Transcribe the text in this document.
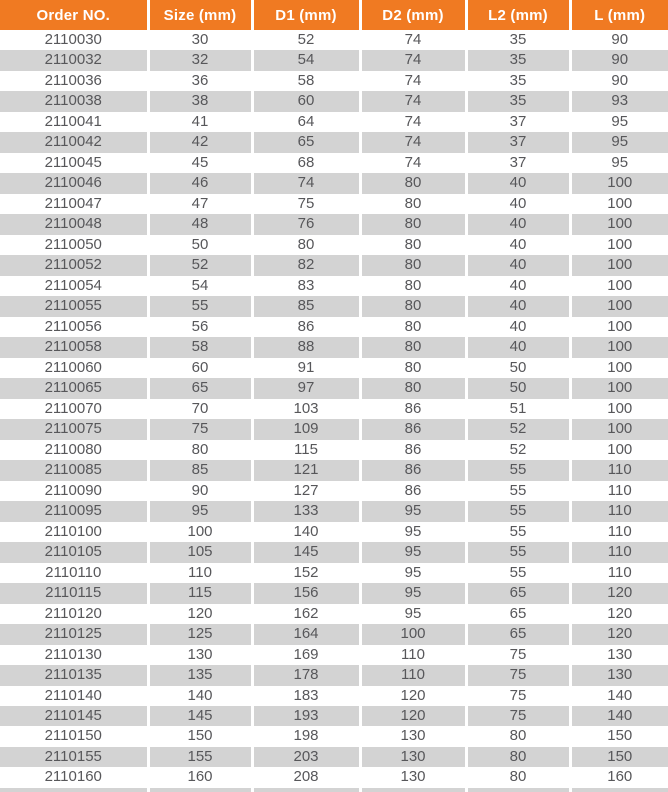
Order NO.	Size (mm)	D1 (mm)	D2 (mm)	L2 (mm)	L (mm)
2110030	30	52	74	35	90
2110032	32	54	74	35	90
2110036	36	58	74	35	90
2110038	38	60	74	35	93
2110041	41	64	74	37	95
2110042	42	65	74	37	95
2110045	45	68	74	37	95
2110046	46	74	80	40	100
2110047	47	75	80	40	100
2110048	48	76	80	40	100
2110050	50	80	80	40	100
2110052	52	82	80	40	100
2110054	54	83	80	40	100
2110055	55	85	80	40	100
2110056	56	86	80	40	100
2110058	58	88	80	40	100
2110060	60	91	80	50	100
2110065	65	97	80	50	100
2110070	70	103	86	51	100
2110075	75	109	86	52	100
2110080	80	115	86	52	100
2110085	85	121	86	55	110
2110090	90	127	86	55	110
2110095	95	133	95	55	110
2110100	100	140	95	55	110
2110105	105	145	95	55	110
2110110	110	152	95	55	110
2110115	115	156	95	65	120
2110120	120	162	95	65	120
2110125	125	164	100	65	120
2110130	130	169	110	75	130
2110135	135	178	110	75	130
2110140	140	183	120	75	140
2110145	145	193	120	75	140
2110150	150	198	130	80	150
2110155	155	203	130	80	150
2110160	160	208	130	80	160
